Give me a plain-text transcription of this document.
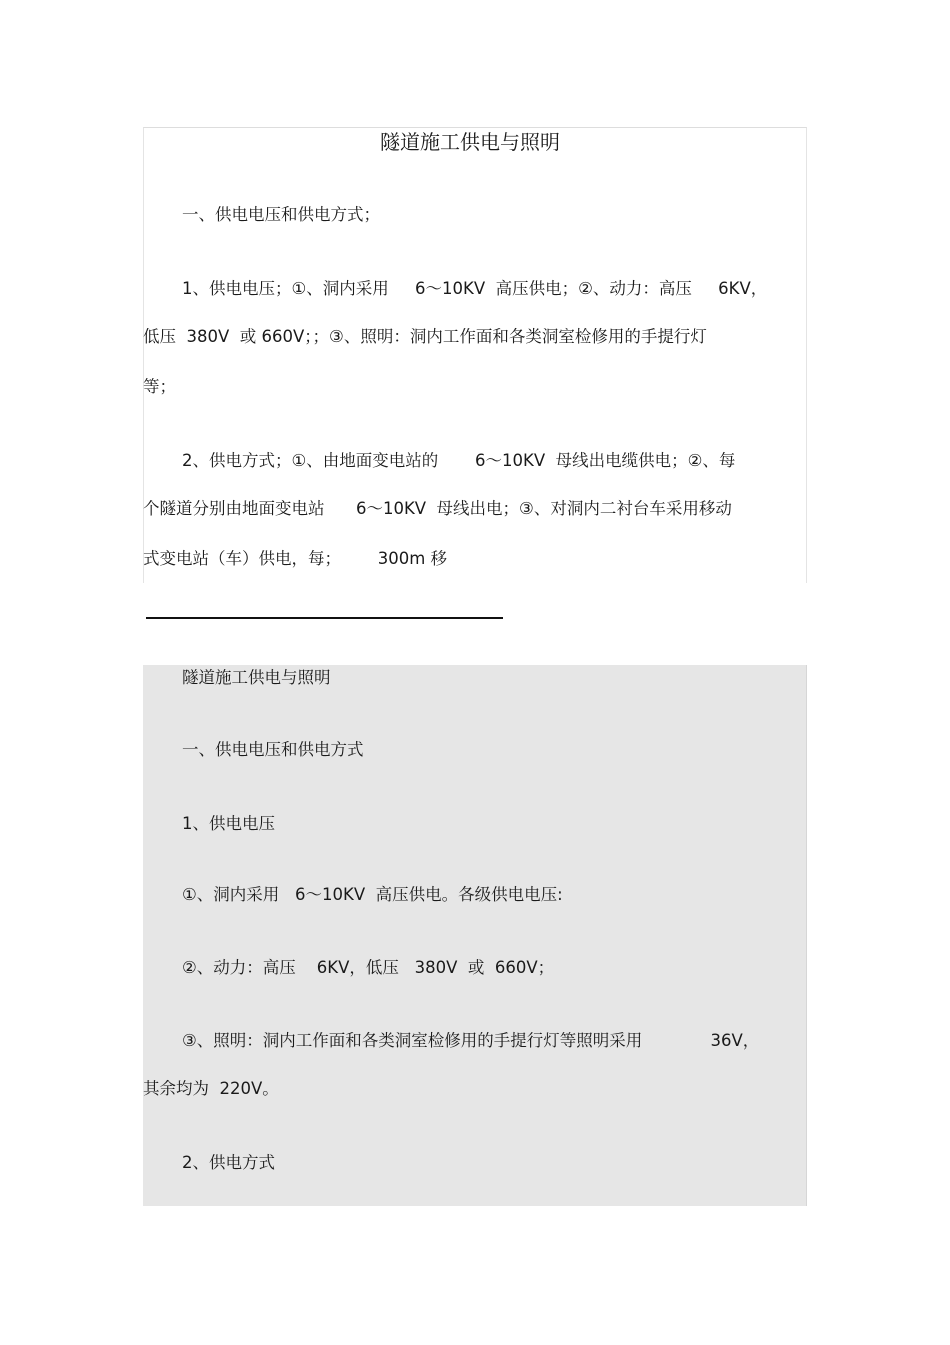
隧道施工供电与照明
一、供电电压和供电方式；
1、供电电压；①、洞内采用     6～10KV  高压供电；②、动力：高压     6KV，
低压  380V  或 660V；；③、照明：洞内工作面和各类洞室检修用的手提行灯
等；
2、供电方式；①、由地面变电站的       6～10KV  母线出电缆供电；②、每
个隧道分别由地面变电站      6～10KV  母线出电；③、对洞内二衬台车采用移动
式变电站（车）供电，每；       300m 移
隧道施工供电与照明
一、供电电压和供电方式
1、供电电压
①、洞内采用   6～10KV  高压供电。各级供电电压:
②、动力：高压    6KV，低压   380V  或  660V；
③、照明：洞内工作面和各类洞室检修用的手提行灯等照明采用             36V，
其余均为  220V。
2、供电方式
